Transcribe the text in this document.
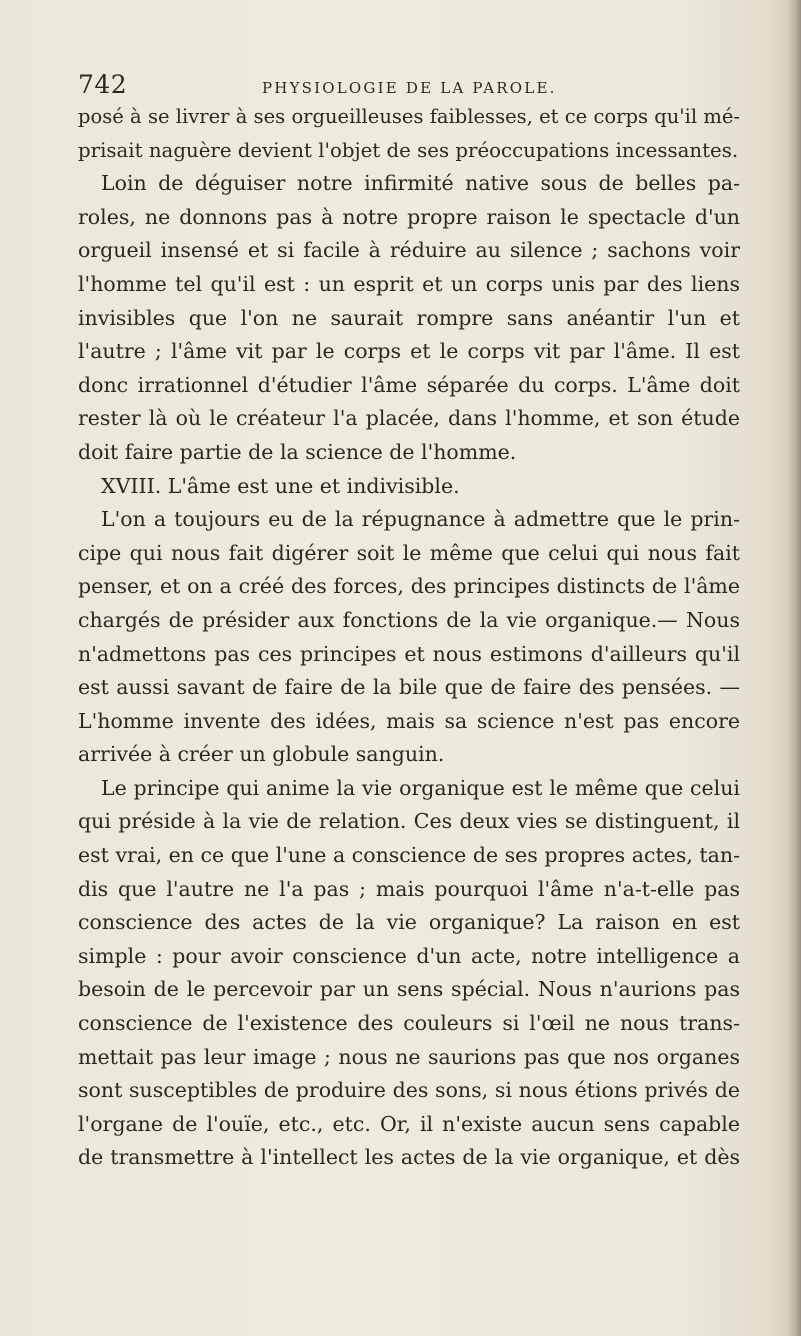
742	PHYSIOLOGIE DE LA PAROLE.
posé à se livrer à ses orgueilleuses faiblesses, et ce corps qu'il mé-
prisait naguère devient l'objet de ses préoccupations incessantes.
Loin de déguiser notre infirmité native sous de belles pa-
roles, ne donnons pas à notre propre raison le spectacle d'un
orgueil insensé et si facile à réduire au silence ; sachons voir
l'homme tel qu'il est : un esprit et un corps unis par des liens
invisibles que l'on ne saurait rompre sans anéantir l'un et
l'autre ; l'âme vit par le corps et le corps vit par l'âme. Il est
donc irrationnel d'étudier l'âme séparée du corps. L'âme doit
rester là où le créateur l'a placée, dans l'homme, et son étude
doit faire partie de la science de l'homme.
XVIII. L'âme est une et indivisible.
L'on a toujours eu de la répugnance à admettre que le prin-
cipe qui nous fait digérer soit le même que celui qui nous fait
penser, et on a créé des forces, des principes distincts de l'âme
chargés de présider aux fonctions de la vie organique.— Nous
n'admettons pas ces principes et nous estimons d'ailleurs qu'il
est aussi savant de faire de la bile que de faire des pensées. —
L'homme invente des idées, mais sa science n'est pas encore
arrivée à créer un globule sanguin.
Le principe qui anime la vie organique est le même que celui
qui préside à la vie de relation. Ces deux vies se distinguent, il
est vrai, en ce que l'une a conscience de ses propres actes, tan-
dis que l'autre ne l'a pas ; mais pourquoi l'âme n'a-t-elle pas
conscience des actes de la vie organique? La raison en est
simple : pour avoir conscience d'un acte, notre intelligence a
besoin de le percevoir par un sens spécial. Nous n'aurions pas
conscience de l'existence des couleurs si l'œil ne nous trans-
mettait pas leur image ; nous ne saurions pas que nos organes
sont susceptibles de produire des sons, si nous étions privés de
l'organe de l'ouïe, etc., etc. Or, il n'existe aucun sens capable
de transmettre à l'intellect les actes de la vie organique, et dès
